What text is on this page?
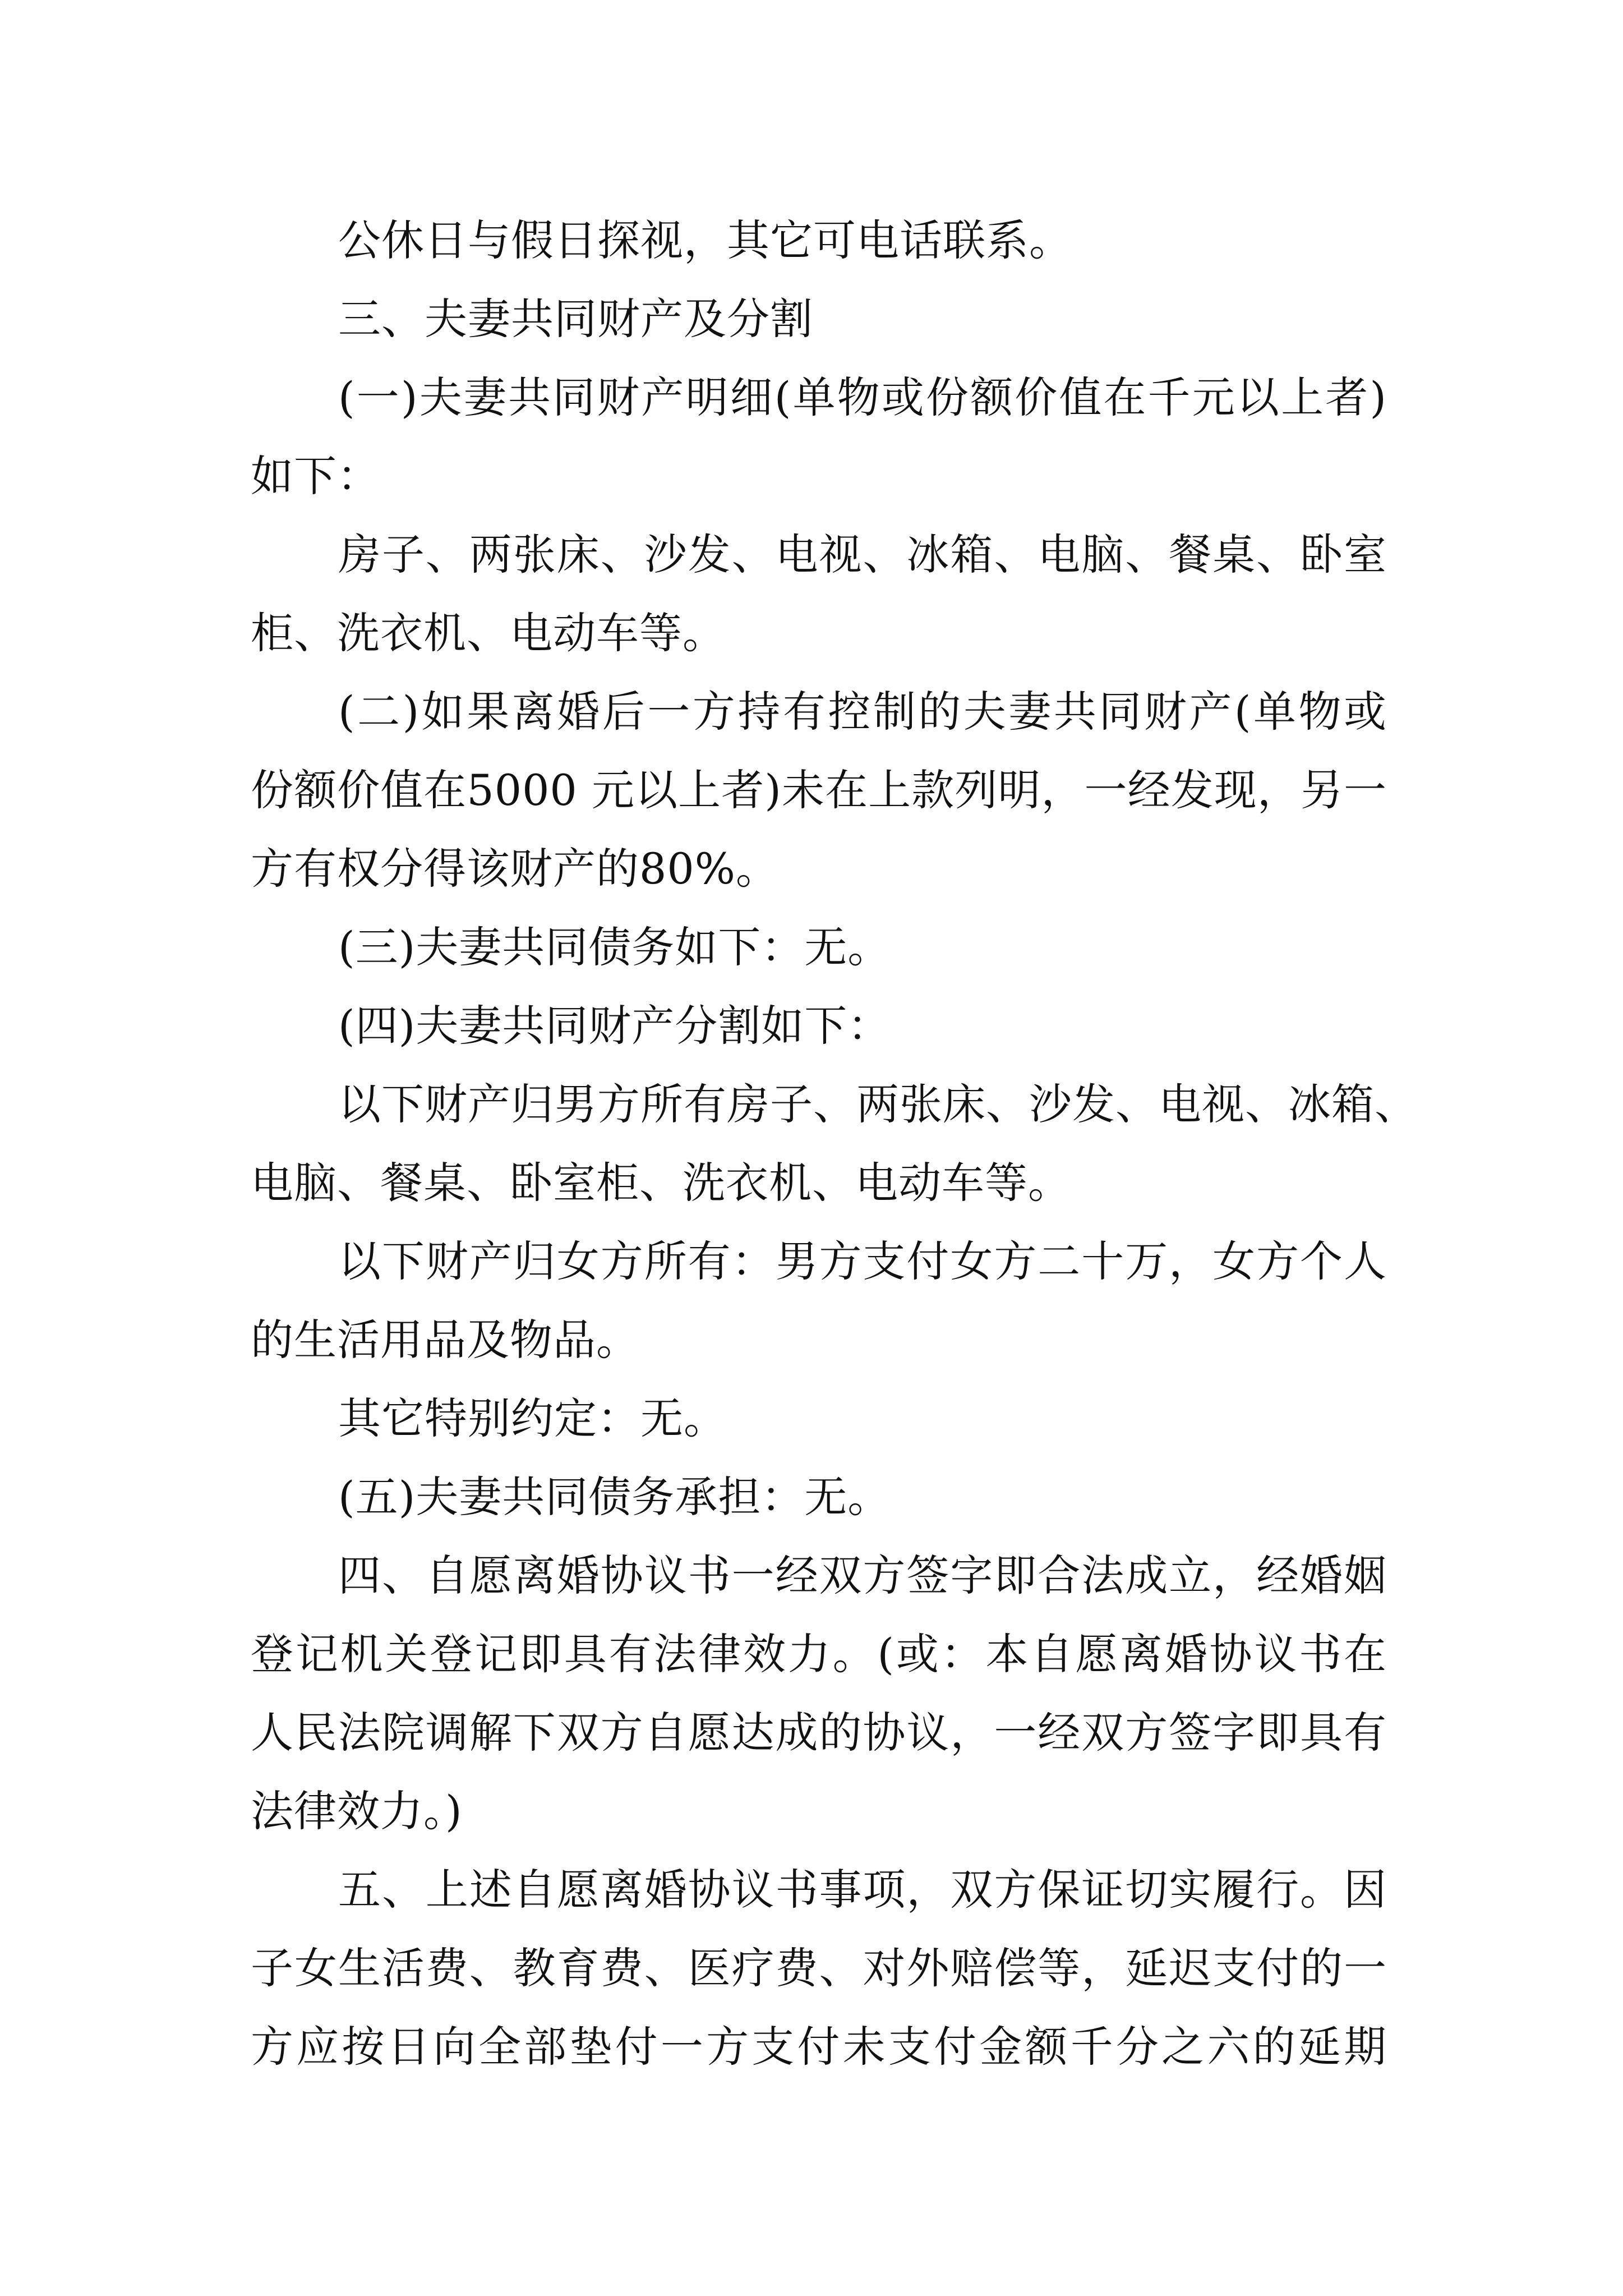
公休日与假日探视，其它可电话联系。
三、夫妻共同财产及分割
(一)夫妻共同财产明细(单物或份额价值在千元以上者)
如下：
房子、两张床、沙发、电视、冰箱、电脑、餐桌、卧室
柜、洗衣机、电动车等。
(二)如果离婚后一方持有控制的夫妻共同财产(单物或
份额价值在5000 元以上者)未在上款列明，一经发现，另一
方有权分得该财产的80%。
(三)夫妻共同债务如下：无。
(四)夫妻共同财产分割如下：
以下财产归男方所有房子、两张床、沙发、电视、冰箱、
电脑、餐桌、卧室柜、洗衣机、电动车等。
以下财产归女方所有：男方支付女方二十万，女方个人
的生活用品及物品。
其它特别约定：无。
(五)夫妻共同债务承担：无。
四、自愿离婚协议书一经双方签字即合法成立，经婚姻
登记机关登记即具有法律效力。(或：本自愿离婚协议书在
人民法院调解下双方自愿达成的协议，一经双方签字即具有
法律效力。)
五、上述自愿离婚协议书事项，双方保证切实履行。因
子女生活费、教育费、医疗费、对外赔偿等，延迟支付的一
方应按日向全部垫付一方支付未支付金额千分之六的延期
